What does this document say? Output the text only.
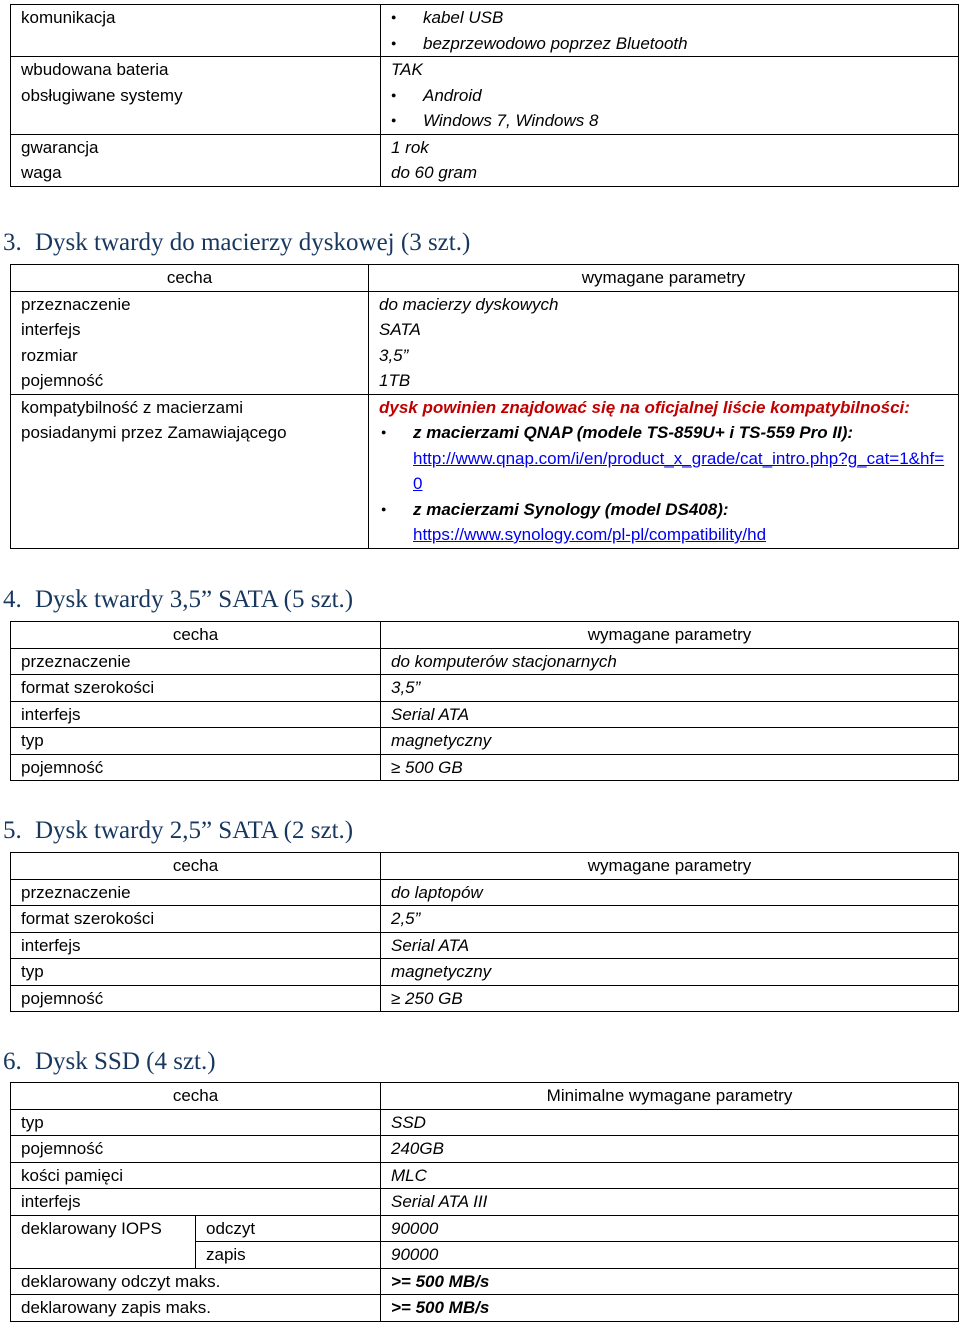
komunikacja	● kabel USB
● bezprzewodowo poprzez Bluetooth

wbudowana bateria	TAK
obsługiwane systemy	● Android
● Windows 7, Windows 8

gwarancja	1 rok
waga	do 60 gram
3. Dysk twardy do macierzy dyskowej (3 szt.)
cecha	wymagane parametry
przeznaczenie	do macierzy dyskowych
interfejs	SATA
rozmiar	3,5”
pojemność	1TB
kompatybilność z macierzami posiadanymi przez Zamawiającego	dysk powinien znajdować się na oficjalnej liście kompatybilności:
● z macierzami QNAP (modele TS-859U+ i TS-559 Pro II):
http://www.qnap.com/i/en/product_x_grade/cat_intro.php?g_cat=1&hf=0
● z macierzami Synology (model DS408):
https://www.synology.com/pl-pl/compatibility/hd
4. Dysk twardy 3,5” SATA (5 szt.)
cecha	wymagane parametry
przeznaczenie	do komputerów stacjonarnych
format szerokości	3,5”
interfejs	Serial ATA
typ	magnetyczny
pojemność	≥ 500 GB
5. Dysk twardy 2,5” SATA (2 szt.)
cecha	wymagane parametry
przeznaczenie	do laptopów
format szerokości	2,5”
interfejs	Serial ATA
typ	magnetyczny
pojemność	≥ 250 GB
6. Dysk SSD (4 szt.)
cecha		Minimalne wymagane parametry
typ		SSD
pojemność		240GB
kości pamięci		MLC
interfejs		Serial ATA III
deklarowany IOPS	odczyt	90000
	zapis	90000
deklarowany odczyt maks.		>= 500 MB/s
deklarowany zapis maks.		>= 500 MB/s
